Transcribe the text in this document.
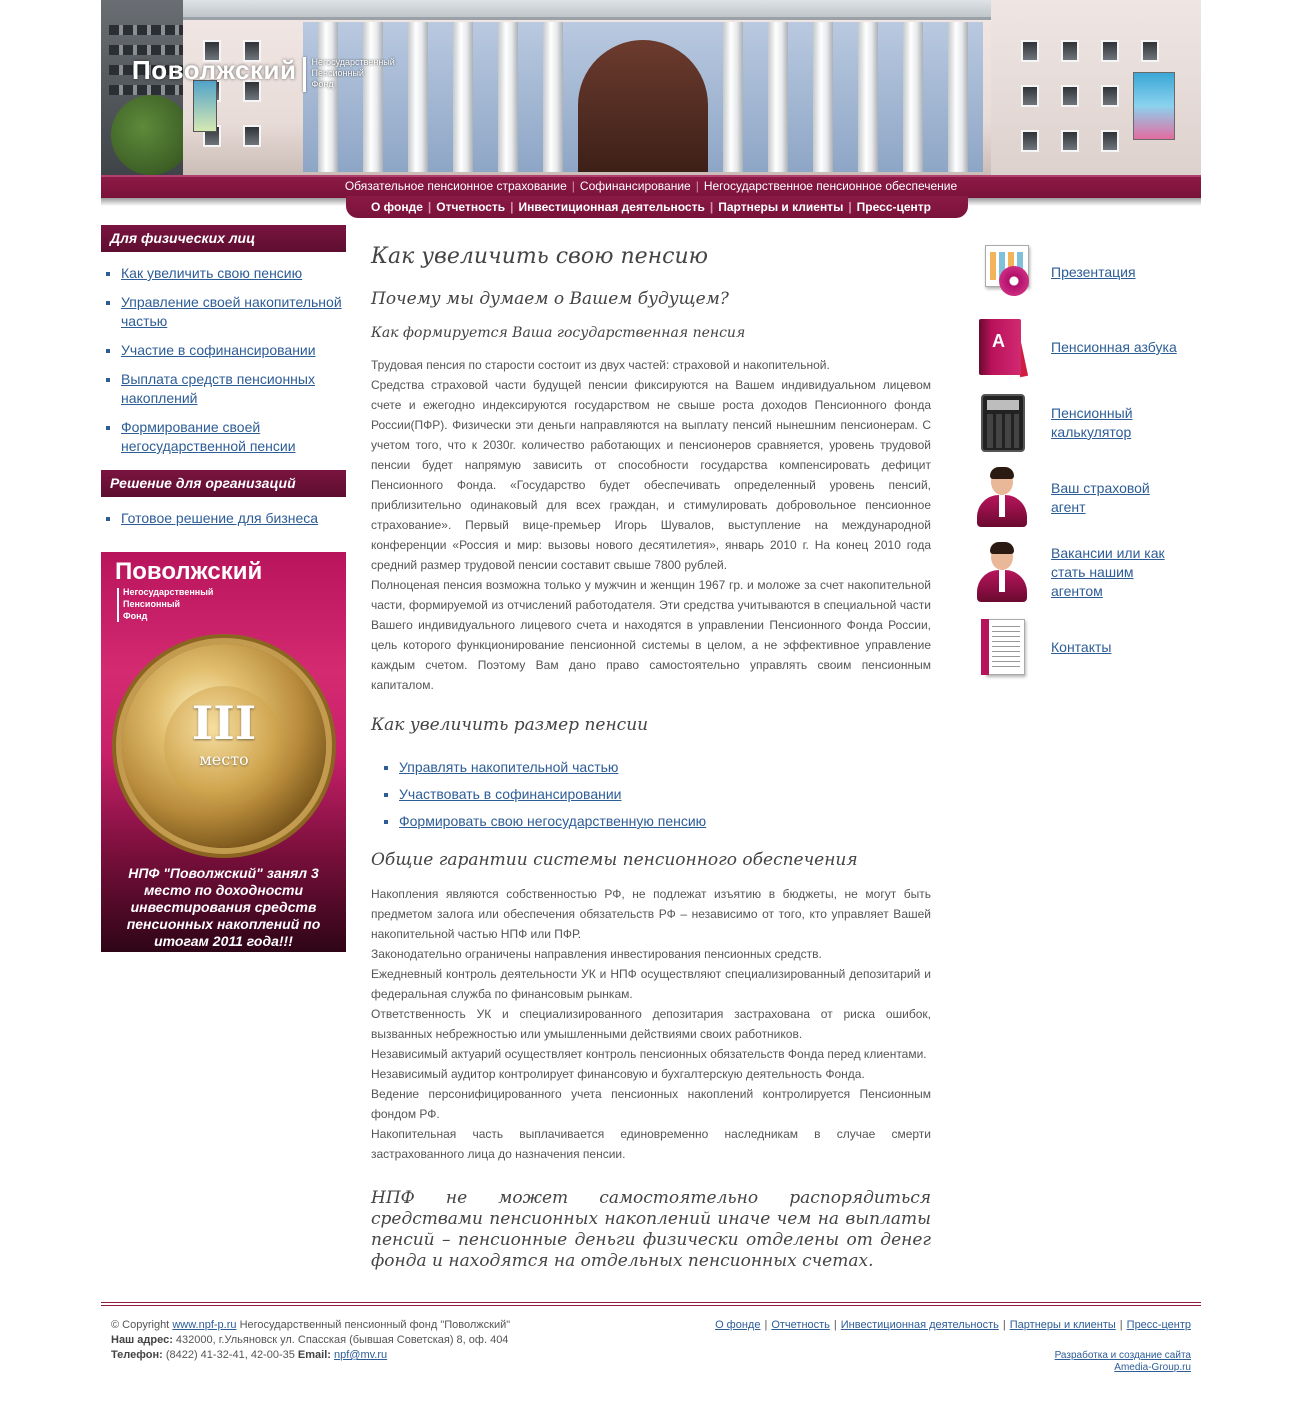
Поволжский Негосударственный
Пенсионный
Фонд
Обязательное пенсионное страхование | Софинансирование | Негосударственное пенсионное обеспечение
О фонде | Отчетность | Инвестиционная деятельность | Партнеры и клиенты | Пресс-центр
Для физических лиц
▪ Как увеличить свою пенсию
▪ Управление своей накопительной частью
▪ Участие в софинансировании
▪ Выплата средств пенсионных накоплений
▪ Формирование своей негосударственной пенсии
Решение для организаций
▪ Готовое решение для бизнеса
Поволжский
Негосударственный
Пенсионный
Фонд
III
место
НПФ "Поволжский" занял 3 место по доходности инвестирования средств пенсионных накоплений по итогам 2011 года!!!
Как увеличить свою пенсию
Почему мы думаем о Вашем будущем?
Как формируется Ваша государственная пенсия

Трудовая пенсия по старости состоит из двух частей: страховой и накопительной.

Средства страховой части будущей пенсии фиксируются на Вашем индивидуальном лицевом счете и ежегодно индексируются государством не свыше роста доходов Пенсионного фонда России(ПФР). Физически эти деньги направляются на выплату пенсий нынешним пенсионерам. С учетом того, что к 2030г. количество работающих и пенсионеров сравняется, уровень трудовой пенсии будет напрямую зависить от способности государства компенсировать дефицит Пенсионного Фонда. «Государство будет обеспечивать определенный уровень пенсий, приблизительно одинаковый для всех граждан, и стимулировать добровольное пенсионное страхование». Первый вице-премьер Игорь Шувалов, выступление на международной конференции «Россия и мир: вызовы нового десятилетия», январь 2010 г. На конец 2010 года средний размер трудовой пенсии составит свыше 7800 рублей.

Полноценая пенсия возможна только у мужчин и женщин 1967 гр. и моложе за счет накопительной части, формируемой из отчислений работодателя. Эти средства учитываются в специальной части Вашего индивидуального лицевого счета и находятся в управлении Пенсионного Фонда России, цель которого функционирование пенсионной системы в целом, а не эффективное управление каждым счетом. Поэтому Вам дано право самостоятельно управлять своим пенсионным капиталом.

Как увеличить размер пенсии
▪ Управлять накопительной частью
▪ Участвовать в софинансировании
▪ Формировать свою негосударственную пенсию
Общие гарантии системы пенсионного обеспечения

Накопления являются собственностью РФ, не подлежат изъятию в бюджеты, не могут быть предметом залога или обеспечения обязательств РФ – независимо от того, кто управляет Вашей накопительной частью НПФ или ПФР.

Законодательно ограничены направления инвестирования пенсионных средств.

Ежедневный контроль деятельности УК и НПФ осуществляют специализированный депозитарий и федеральная служба по финансовым рынкам.

Ответственность УК и специализированного депозитария застрахована от риска ошибок, вызванных небрежностью или умышленными действиями своих работников.

Независимый актуарий осуществляет контроль пенсионных обязательств Фонда перед клиентами.

Независимый аудитор контролирует финансовую и бухгалтерскую деятельность Фонда.

Ведение персонифицированного учета пенсионных накоплений контролируется Пенсионным фондом РФ.

Накопительная часть выплачивается единовременно наследникам в случае смерти застрахованного лица до назначения пенсии.

НПФ не может самостоятельно распорядиться средствами пенсионных накоплений иначе чем на выплаты пенсий – пенсионные деньги физически отделены от денег фонда и находятся на отдельных пенсионных счетах.
Презентация
A	Пенсионная азбука
Пенсионный калькулятор
Ваш страховой агент
Вакансии или как стать нашим агентом
Контакты
© Copyright www.npf-p.ru Негосударственный пенсионный фонд "Поволжский"
Наш адрес: 432000, г.Ульяновск ул. Спасская (бывшая Советская) 8, оф. 404
Телефон: (8422) 41-32-41, 42-00-35 Email: npf@mv.ru
О фонде | Отчетность | Инвестиционная деятельность | Партнеры и клиенты | Пресс-центр
Разработка и создание сайта
Amedia-Group.ru
